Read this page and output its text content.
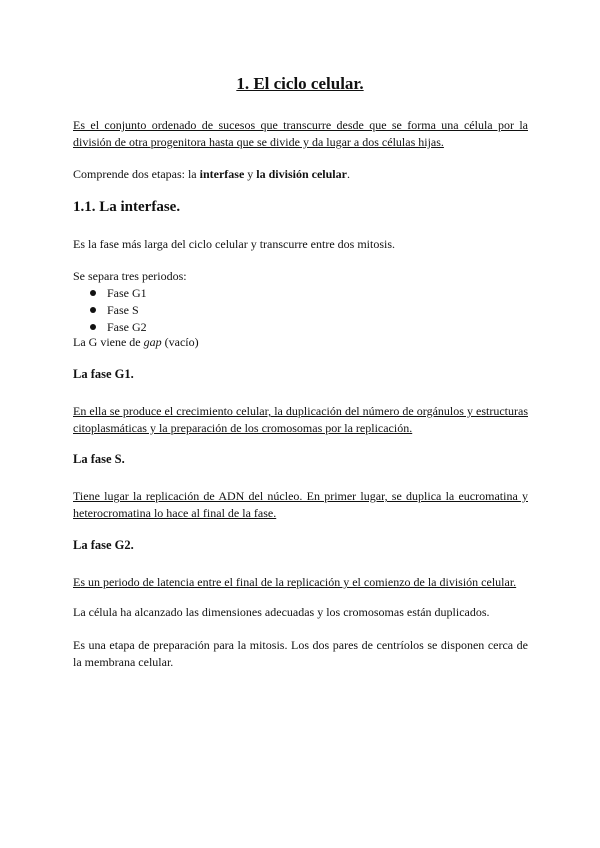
1. El ciclo celular.

Es el conjunto ordenado de sucesos que transcurre desde que se forma una célula por la división de otra progenitora hasta que se divide y da lugar a dos células hijas.

Comprende dos etapas: la interfase y la división celular.

1.1. La interfase.

Es la fase más larga del ciclo celular y transcurre entre dos mitosis.

Se separa tres periodos:

Fase G1
Fase S
Fase G2

La G viene de gap (vacío)

La fase G1.

En ella se produce el crecimiento celular, la duplicación del número de orgánulos y estructuras citoplasmáticas y la preparación de los cromosomas por la replicación.

La fase S.

Tiene lugar la replicación de ADN del núcleo. En primer lugar, se duplica la eucromatina y heterocromatina lo hace al final de la fase.

La fase G2.

Es un periodo de latencia entre el final de la replicación y el comienzo de la división celular.

La célula ha alcanzado las dimensiones adecuadas y los cromosomas están duplicados.

Es una etapa de preparación para la mitosis. Los dos pares de centríolos se disponen cerca de la membrana celular.
